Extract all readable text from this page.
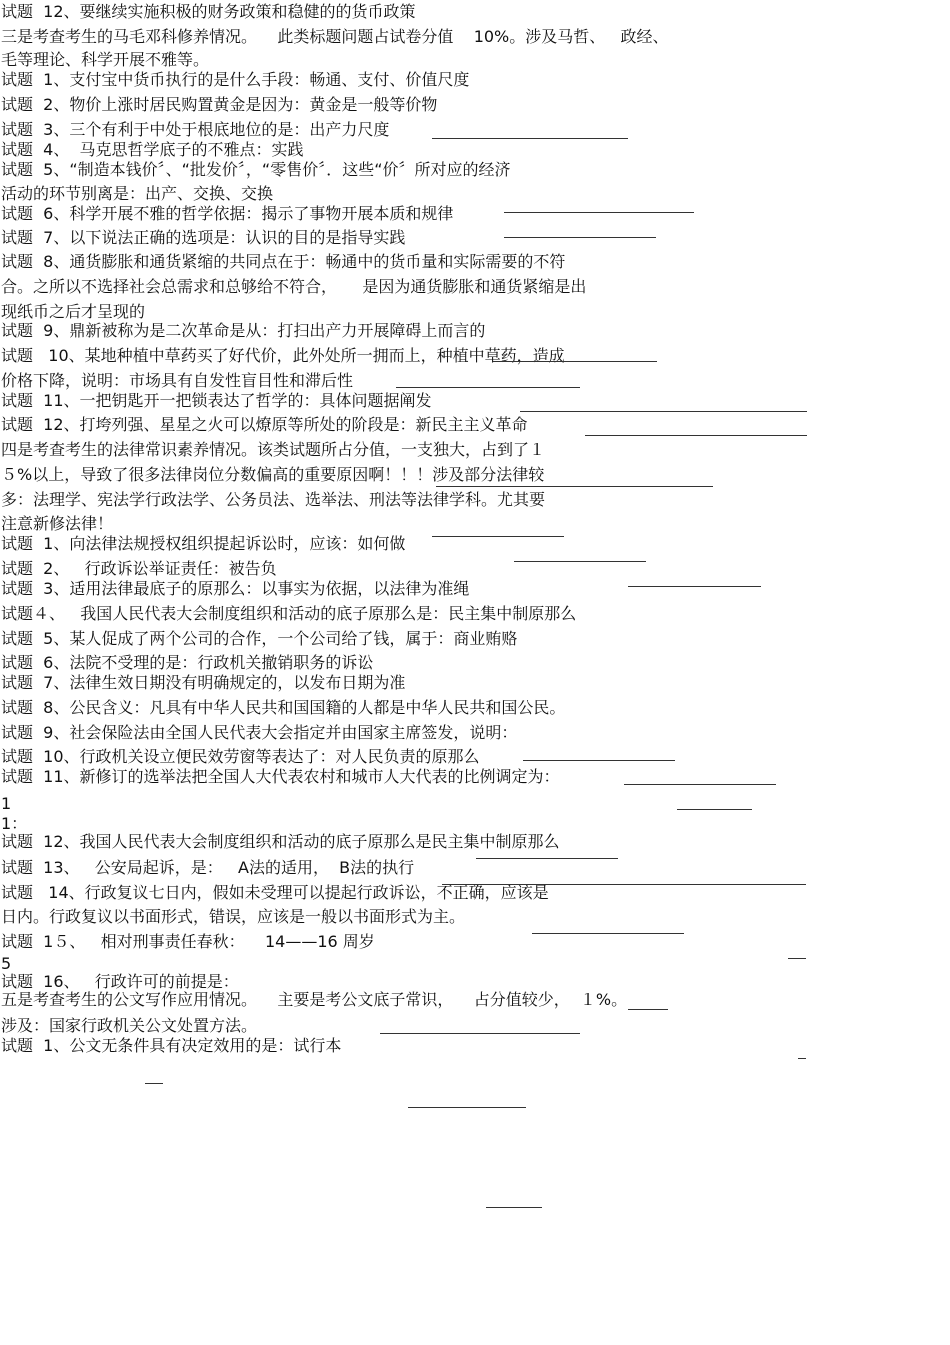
试题  12、要继续实施积极的财务政策和稳健的的货币政策

三是考查考生的马毛邓科修养情况。    此类标题问题占试卷分值    10%。涉及马哲、   政经、

毛等理论、科学开展不雅等。

试题  1、支付宝中货币执行的是什么手段：畅通、支付、价值尺度

试题  2、物价上涨时居民购置黄金是因为：黄金是一般等价物

试题  3、三个有利于中处于根底地位的是：出产力尺度

试题  4、  马克思哲学底子的不雅点：实践

试题  5、“制造本钱价〞、“批发价〞，“零售价〞．这些“价〞所对应的经济

活动的环节别离是：出产、交换、交换

试题  6、科学开展不雅的哲学依据：揭示了事物开展本质和规律

试题  7、以下说法正确的选项是：认识的目的是指导实践

试题  8、通货膨胀和通货紧缩的共同点在于：畅通中的货币量和实际需要的不符

合。之所以不选择社会总需求和总够给不符合，     是因为通货膨胀和通货紧缩是出

现纸币之后才呈现的

试题  9、鼎新被称为是二次革命是从：打扫出产力开展障碍上而言的

试题   10、某地种植中草药买了好代价，此外处所一拥而上，种植中草药，造成

价格下降，说明：市场具有自发性盲目性和滞后性

试题  11、一把钥匙开一把锁表达了哲学的：具体问题据阐发

试题  12、打垮列强、星星之火可以燎原等所处的阶段是：新民主主义革命

四是考查考生的法律常识素养情况。该类试题所占分值，一支独大，占到了１

５%以上，导致了很多法律岗位分数偏高的重要原因啊！！！涉及部分法律较

多：法理学、宪法学行政法学、公务员法、选举法、刑法等法律学科。尤其要

注意新修法律！

试题  1、向法律法规授权组织提起诉讼时，应该：如何做

试题  2、   行政诉讼举证责任：被告负

试题  3、适用法律最底子的原那么：以事实为依据，以法律为准绳

试题４、   我国人民代表大会制度组织和活动的底子原那么是：民主集中制原那么

试题  5、某人促成了两个公司的合作，一个公司给了钱，属于：商业贿赂

试题  6、法院不受理的是：行政机关撤销职务的诉讼

试题  7、法律生效日期没有明确规定的，以发布日期为准

试题  8、公民含义：凡具有中华人民共和国国籍的人都是中华人民共和国公民。

试题  9、社会保险法由全国人民代表大会指定并由国家主席签发，说明：

试题  10、行政机关设立便民效劳窗等表达了：对人民负责的原那么

试题  11、新修订的选举法把全国人大代表农村和城市人大代表的比例调定为：

1

1：

试题  12、我国人民代表大会制度组织和活动的底子原那么是民主集中制原那么

试题  13、   公安局起诉，是：   A法的适用，  B法的执行

试题   14、行政复议七日内，假如未受理可以提起行政诉讼，不正确，应该是

日内。行政复议以书面形式，错误，应该是一般以书面形式为主。

试题  1５、   相对刑事责任春秋：    14——16 周岁

5

试题  16、   行政许可的前提是：

五是考查考生的公文写作应用情况。    主要是考公文底子常识，    占分值较少，  １%。

涉及：国家行政机关公文处置方法。

试题  1、公文无条件具有决定效用的是：试行本
